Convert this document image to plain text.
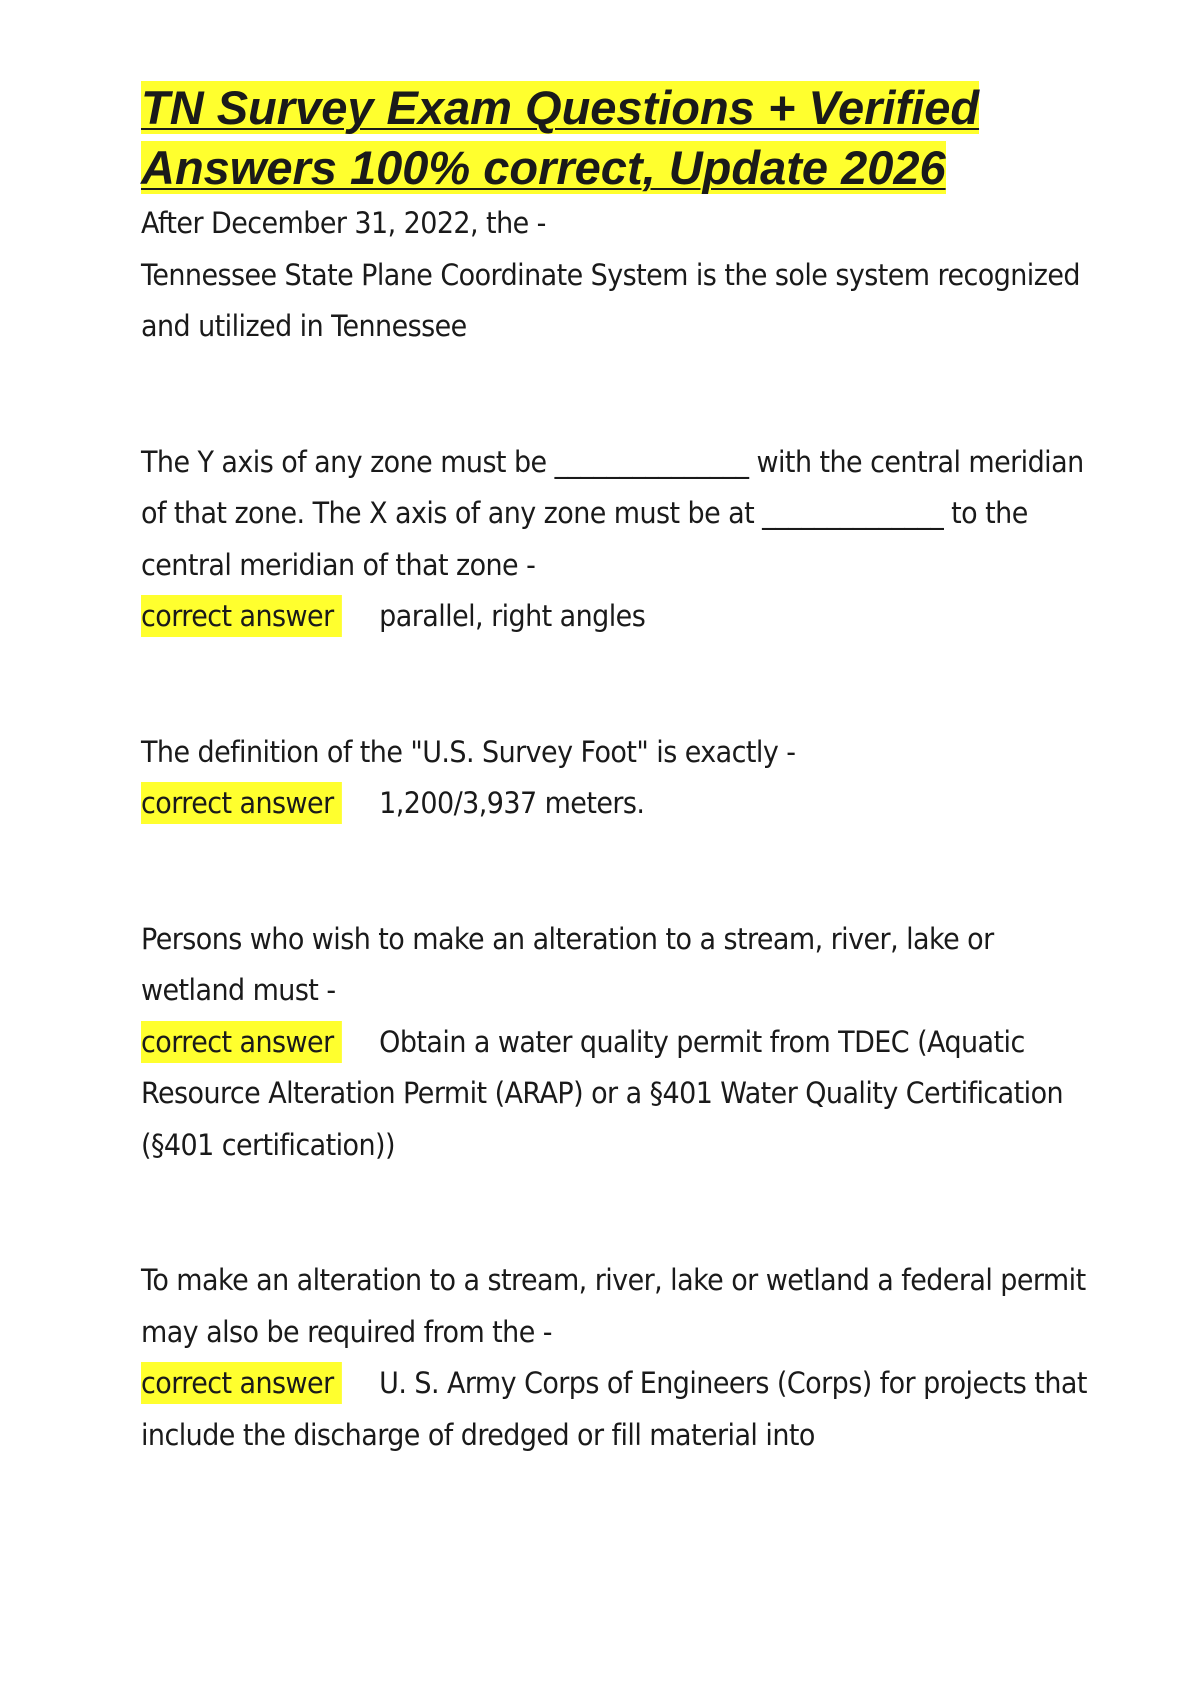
TN Survey Exam Questions + Verified Answers 100% correct, Update 2026
After December 31, 2022, the -
Tennessee State Plane Coordinate System is the sole system recognized and utilized in Tennessee
The Y axis of any zone must be _______________ with the central meridian of that zone. The X axis of any zone must be at ______________ to the central meridian of that zone -
correct answer parallel, right angles
The definition of the "U.S. Survey Foot" is exactly -
correct answer 1,200/3,937 meters.
Persons who wish to make an alteration to a stream, river, lake or wetland must -
correct answer Obtain a water quality permit from TDEC (Aquatic Resource Alteration Permit (ARAP) or a §401 Water Quality Certification (§401 certification))
To make an alteration to a stream, river, lake or wetland a federal permit may also be required from the -
correct answer U. S. Army Corps of Engineers (Corps) for projects that include the discharge of dredged or fill material into
